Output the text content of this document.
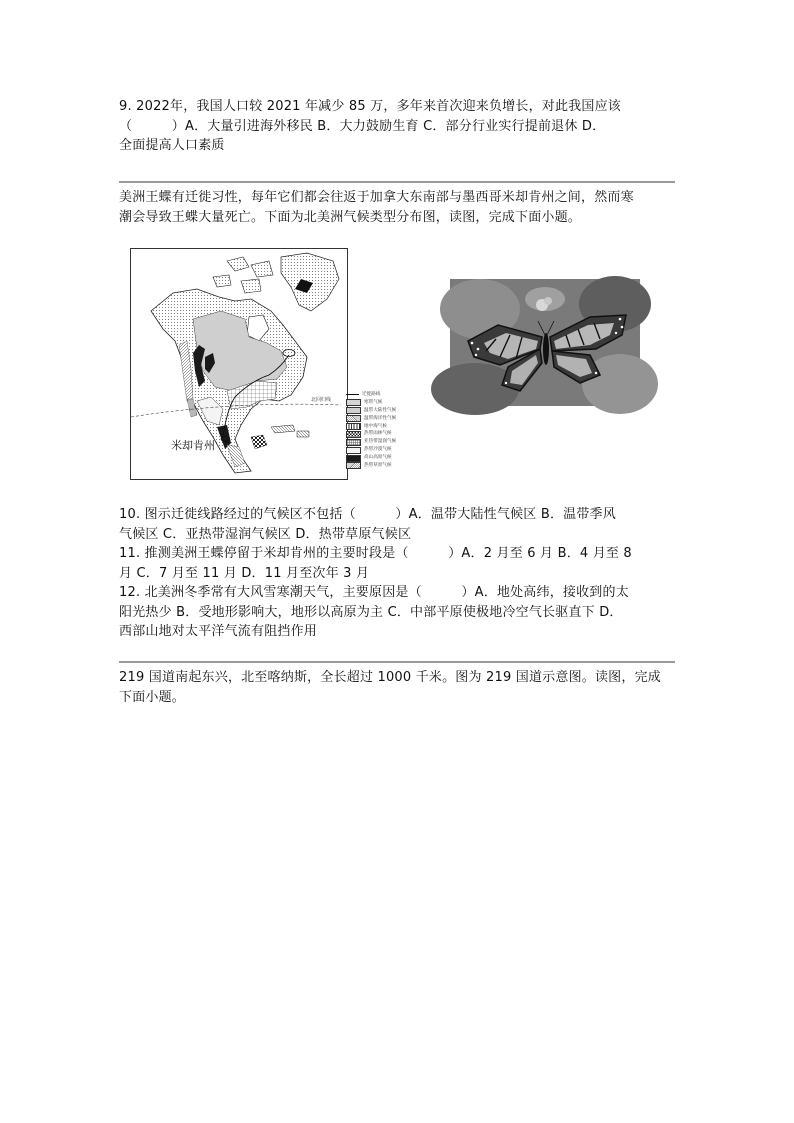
9. 2022年，我国人口较 2021 年减少 85 万，多年来首次迎来负增长，对此我国应该
（　　　）A．大量引进海外移民 B．大力鼓励生育 C．部分行业实行提前退休 D．
全面提高人口素质
美洲王蝶有迁徙习性，每年它们都会往返于加拿大东南部与墨西哥米却肯州之间，然而寒
潮会导致王蝶大量死亡。下面为北美洲气候类型分布图，读图，完成下面小题。
北回归线
米却肯州
迁徙路线
寒带气候
温带大陆性气候
温带海洋性气候
地中海气候
热带雨林气候
亚热带湿润气候
热带沙漠气候
高山高原气候
热带草原气候
10. 图示迁徙线路经过的气候区不包括（　　　）A．温带大陆性气候区 B．温带季风
气候区 C．亚热带湿润气候区 D．热带草原气候区
11. 推测美洲王蝶停留于米却肯州的主要时段是（　　　）A．2 月至 6 月 B．4 月至 8
月 C．7 月至 11 月 D．11 月至次年 3 月
12. 北美洲冬季常有大风雪寒潮天气，主要原因是（　　　）A．地处高纬，接收到的太
阳光热少 B．受地形影响大，地形以高原为主 C．中部平原使极地冷空气长驱直下 D．
西部山地对太平洋气流有阻挡作用
219 国道南起东兴，北至喀纳斯，全长超过 1000 千米。图为 219 国道示意图。读图，完成
下面小题。
